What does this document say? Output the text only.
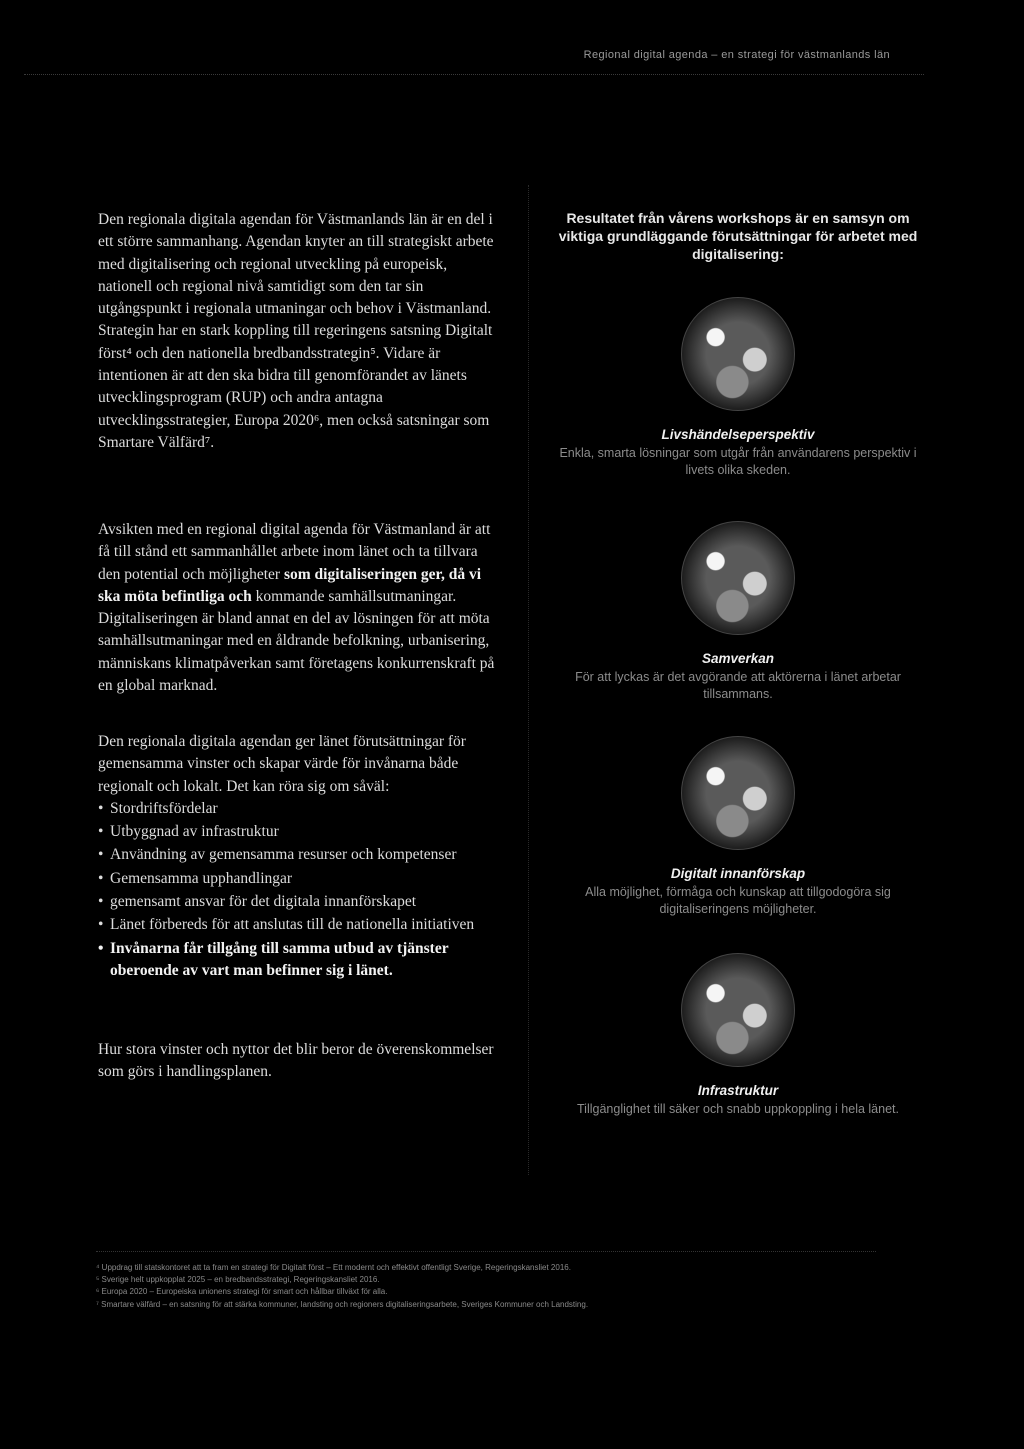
Regional digital agenda – en strategi för västmanlands län

Den regionala digitala agendan för Västmanlands län är en del i ett större sammanhang. Agendan knyter an till strategiskt arbete med digitalisering och regional utveckling på europeisk, nationell och regional nivå samtidigt som den tar sin utgångspunkt i regionala utmaningar och behov i Västmanland. Strategin har en stark koppling till regeringens satsning Digitalt först⁴ och den nationella bredbandsstrategin⁵. Vidare är intentionen är att den ska bidra till genomförandet av länets utvecklingsprogram (RUP) och andra antagna utvecklingsstrategier, Europa 2020⁶, men också satsningar som Smartare Välfärd⁷.

Avsikten med en regional digital agenda för Västmanland är att få till stånd ett sammanhållet arbete inom länet och ta tillvara den potential och möjligheter som digitaliseringen ger, då vi ska möta befintliga och kommande samhällsutmaningar. Digitaliseringen är bland annat en del av lösningen för att möta samhällsutmaningar med en åldrande befolkning, urbanisering, människans klimatpåverkan samt företagens konkurrenskraft på en global marknad.

Den regionala digitala agendan ger länet förutsättningar för gemensamma vinster och skapar värde för invånarna både regionalt och lokalt. Det kan röra sig om såväl:

• Stordriftsfördelar
• Utbyggnad av infrastruktur
• Användning av gemensamma resurser och kompetenser
• Gemensamma upphandlingar
• gemensamt ansvar för det digitala innanförskapet
• Länet förbereds för att anslutas till de nationella initiativen
• Invånarna får tillgång till samma utbud av tjänster oberoende av vart man befinner sig i länet.

Hur stora vinster och nyttor det blir beror de överenskommelser som görs i handlingsplanen.

Resultatet från vårens workshops är en samsyn om viktiga grundläggande förutsättningar för arbetet med digitalisering:

Livshändelseperspektiv
Enkla, smarta lösningar som utgår från användarens perspektiv i livets olika skeden.
Samverkan
För att lyckas är det avgörande att aktörerna i länet arbetar tillsammans.
Digitalt innanförskap
Alla möjlighet, förmåga och kunskap att tillgodogöra sig digitaliseringens möjligheter.
Infrastruktur
Tillgänglighet till säker och snabb uppkoppling i hela länet.

⁴ Uppdrag till statskontoret att ta fram en strategi för Digitalt först – Ett modernt och effektivt offentligt Sverige, Regeringskansliet 2016.

⁵ Sverige helt uppkopplat 2025 – en bredbandsstrategi, Regeringskansliet 2016.

⁶ Europa 2020 – Europeiska unionens strategi för smart och hållbar tillväxt för alla.

⁷ Smartare välfärd – en satsning för att stärka kommuner, landsting och regioners digitaliseringsarbete, Sveriges Kommuner och Landsting.
